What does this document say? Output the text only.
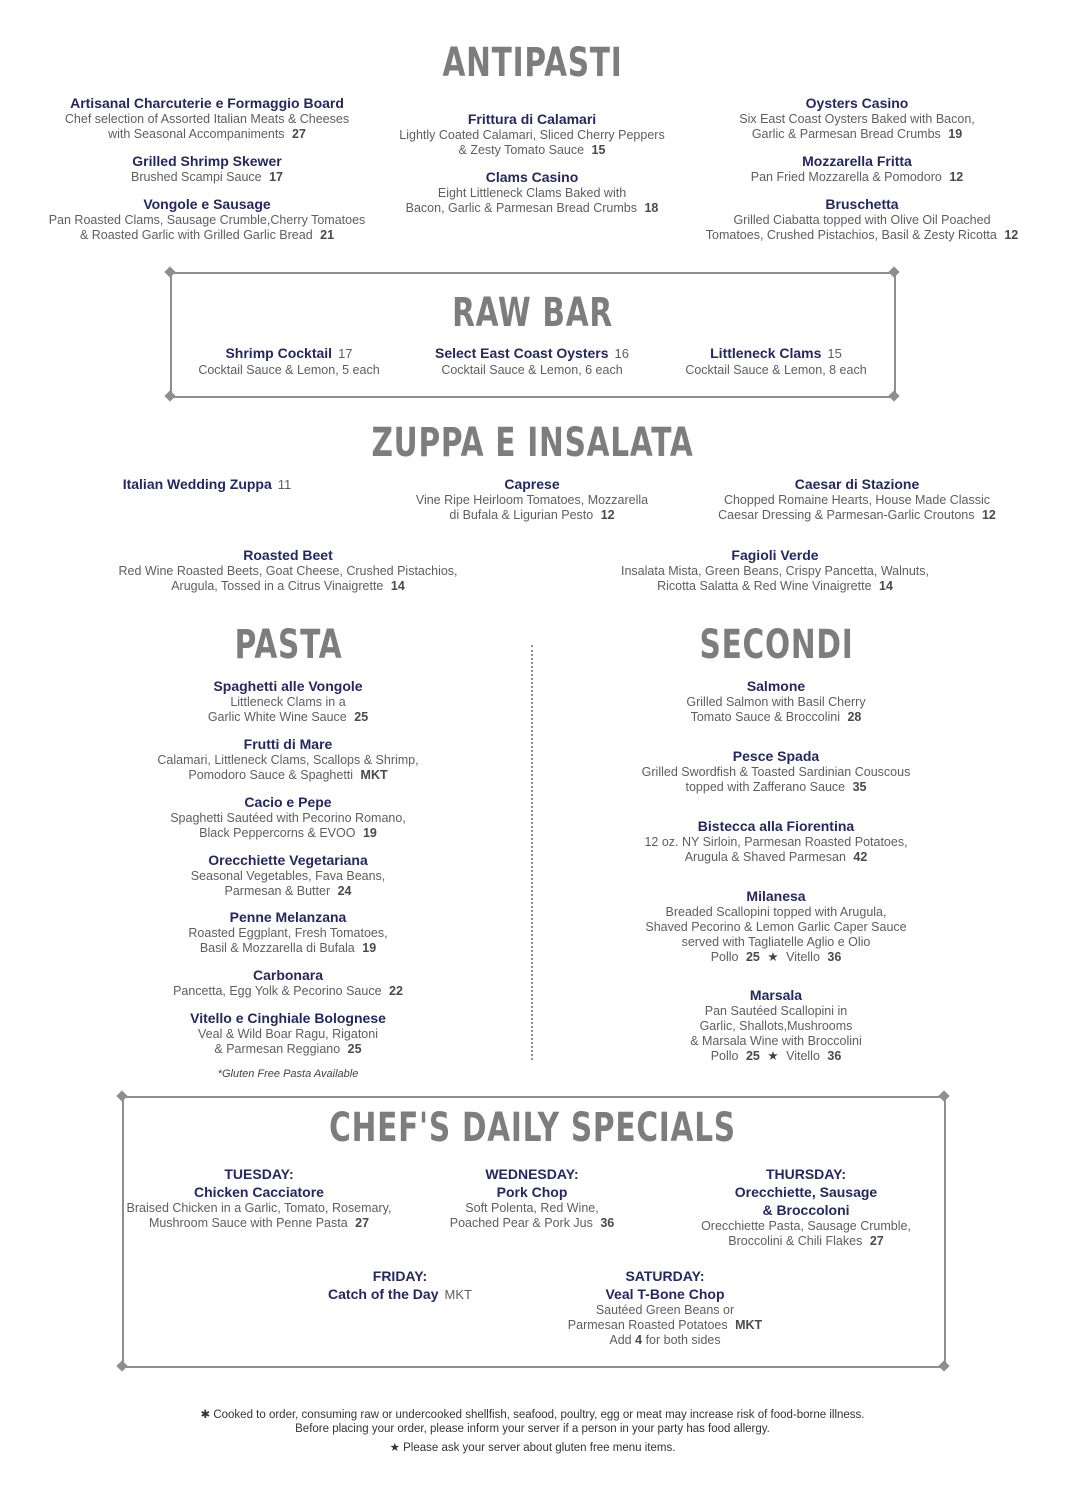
ANTIPASTI
Artisanal Charcuterie e Formaggio Board
Chef selection of Assorted Italian Meats & Cheeses
with Seasonal Accompaniments 27
Grilled Shrimp Skewer
Brushed Scampi Sauce 17
Vongole e Sausage
Pan Roasted Clams, Sausage Crumble,Cherry Tomatoes
& Roasted Garlic with Grilled Garlic Bread 21
Frittura di Calamari
Lightly Coated Calamari, Sliced Cherry Peppers
& Zesty Tomato Sauce 15
Clams Casino
Eight Littleneck Clams Baked with
Bacon, Garlic & Parmesan Bread Crumbs 18
Oysters Casino
Six East Coast Oysters Baked with Bacon,
Garlic & Parmesan Bread Crumbs 19
Mozzarella Fritta
Pan Fried Mozzarella & Pomodoro 12
Bruschetta
Grilled Ciabatta topped with Olive Oil Poached
Tomatoes, Crushed Pistachios, Basil & Zesty Ricotta 12
RAW BAR
Shrimp Cocktail 17
Cocktail Sauce & Lemon, 5 each
Select East Coast Oysters 16
Cocktail Sauce & Lemon, 6 each
Littleneck Clams 15
Cocktail Sauce & Lemon, 8 each
ZUPPA E INSALATA
Italian Wedding Zuppa 11	Caprese
Vine Ripe Heirloom Tomatoes, Mozzarella
di Bufala & Ligurian Pesto 12
Caesar di Stazione
Chopped Romaine Hearts, House Made Classic
Caesar Dressing & Parmesan-Garlic Croutons 12
Roasted Beet
Red Wine Roasted Beets, Goat Cheese, Crushed Pistachios,
Arugula, Tossed in a Citrus Vinaigrette 14
Fagioli Verde
Insalata Mista, Green Beans, Crispy Pancetta, Walnuts,
Ricotta Salatta & Red Wine Vinaigrette 14
PASTA
Spaghetti alle Vongole
Littleneck Clams in a
Garlic White Wine Sauce 25
Frutti di Mare
Calamari, Littleneck Clams, Scallops & Shrimp,
Pomodoro Sauce & Spaghetti MKT
Cacio e Pepe
Spaghetti Sautéed with Pecorino Romano,
Black Peppercorns & EVOO 19
Orecchiette Vegetariana
Seasonal Vegetables, Fava Beans,
Parmesan & Butter 24
Penne Melanzana
Roasted Eggplant, Fresh Tomatoes,
Basil & Mozzarella di Bufala 19
Carbonara
Pancetta, Egg Yolk & Pecorino Sauce 22
Vitello e Cinghiale Bolognese
Veal & Wild Boar Ragu, Rigatoni
& Parmesan Reggiano 25
*Gluten Free Pasta Available
SECONDI
Salmone
Grilled Salmon with Basil Cherry
Tomato Sauce & Broccolini 28
Pesce Spada
Grilled Swordfish & Toasted Sardinian Couscous
topped with Zafferano Sauce 35
Bistecca alla Fiorentina
12 oz. NY Sirloin, Parmesan Roasted Potatoes,
Arugula & Shaved Parmesan 42
Milanesa
Breaded Scallopini topped with Arugula,
Shaved Pecorino & Lemon Garlic Caper Sauce
served with Tagliatelle Aglio e Olio
Pollo 25 ★ Vitello 36
Marsala
Pan Sautéed Scallopini in
Garlic, Shallots,Mushrooms
& Marsala Wine with Broccolini
Pollo 25 ★ Vitello 36
CHEF'S DAILY SPECIALS
TUESDAY:
Chicken Cacciatore
Braised Chicken in a Garlic, Tomato, Rosemary,
Mushroom Sauce with Penne Pasta 27
WEDNESDAY:
Pork Chop
Soft Polenta, Red Wine,
Poached Pear & Pork Jus 36
THURSDAY:
Orecchiette, Sausage
& Broccoloni
Orecchiette Pasta, Sausage Crumble,
Broccolini & Chili Flakes 27
FRIDAY:
Catch of the Day MKT
SATURDAY:
Veal T-Bone Chop
Sautéed Green Beans or
Parmesan Roasted Potatoes MKT
Add 4 for both sides
✱ Cooked to order, consuming raw or undercooked shellfish, seafood, poultry, egg or meat may increase risk of food-borne illness.
Before placing your order, please inform your server if a person in your party has food allergy.
★ Please ask your server about gluten free menu items.
